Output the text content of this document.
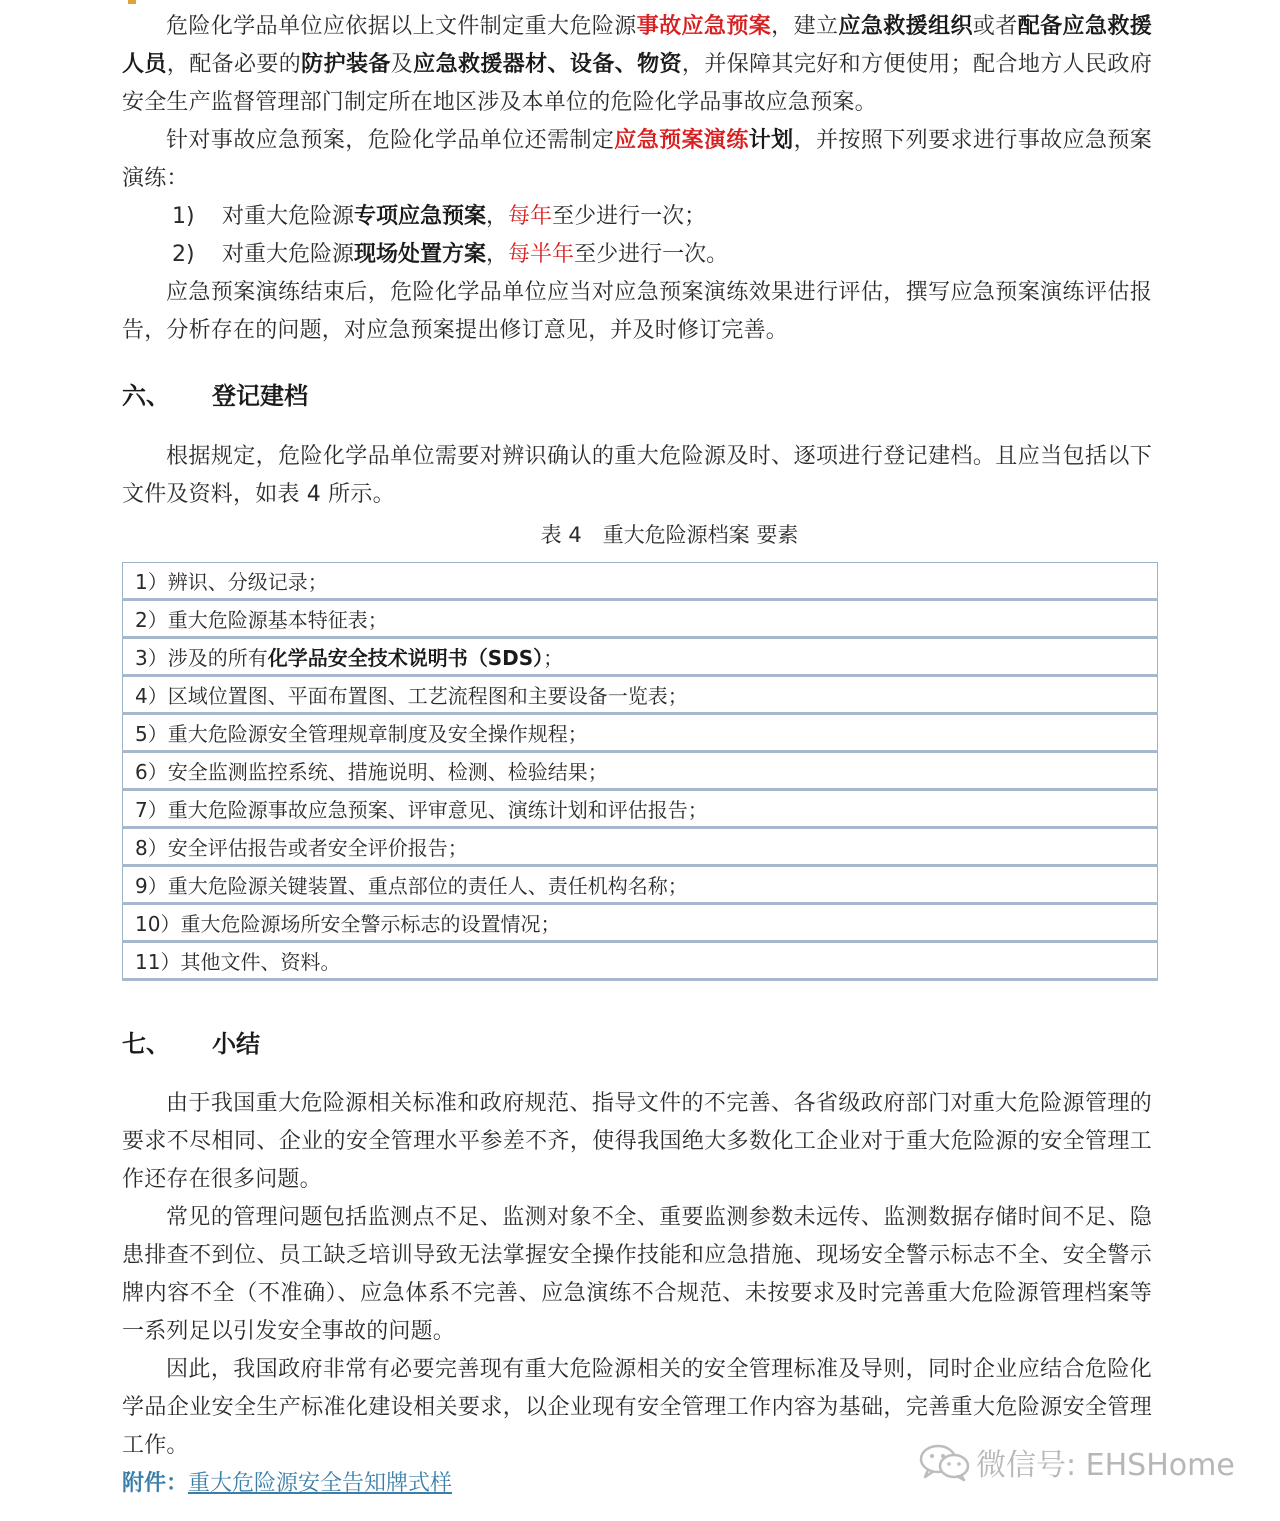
危险化学品单位应依据以上文件制定重大危险源事故应急预案，建立应急救援组织或者配备应急救援人员，配备必要的防护装备及应急救援器材、设备、物资，并保障其完好和方便使用；配合地方人民政府安全生产监督管理部门制定所在地区涉及本单位的危险化学品事故应急预案。
针对事故应急预案，危险化学品单位还需制定应急预案演练计划，并按照下列要求进行事故应急预案演练：
1) 对重大危险源专项应急预案，每年至少进行一次；
2) 对重大危险源现场处置方案，每半年至少进行一次。
应急预案演练结束后，危险化学品单位应当对应急预案演练效果进行评估，撰写应急预案演练评估报告，分析存在的问题，对应急预案提出修订意见，并及时修订完善。
六、 登记建档
根据规定，危险化学品单位需要对辨识确认的重大危险源及时、逐项进行登记建档。且应当包括以下文件及资料，如表 4 所示。
表 4　重大危险源档案 要素
七、 小结
由于我国重大危险源相关标准和政府规范、指导文件的不完善、各省级政府部门对重大危险源管理的要求不尽相同、企业的安全管理水平参差不齐，使得我国绝大多数化工企业对于重大危险源的安全管理工作还存在很多问题。
常见的管理问题包括监测点不足、监测对象不全、重要监测参数未远传、监测数据存储时间不足、隐患排查不到位、员工缺乏培训导致无法掌握安全操作技能和应急措施、现场安全警示标志不全、安全警示牌内容不全（不准确）、应急体系不完善、应急演练不合规范、未按要求及时完善重大危险源管理档案等一系列足以引发安全事故的问题。
因此，我国政府非常有必要完善现有重大危险源相关的安全管理标准及导则，同时企业应结合危险化学品企业安全生产标准化建设相关要求，以企业现有安全管理工作内容为基础，完善重大危险源安全管理工作。
1）辨识、分级记录；
2）重大危险源基本特征表；
3）涉及的所有化学品安全技术说明书（SDS）；
4）区域位置图、平面布置图、工艺流程图和主要设备一览表；
5）重大危险源安全管理规章制度及安全操作规程；
6）安全监测监控系统、措施说明、检测、检验结果；
7）重大危险源事故应急预案、评审意见、演练计划和评估报告；
8）安全评估报告或者安全评价报告；
9）重大危险源关键装置、重点部位的责任人、责任机构名称；
10）重大危险源场所安全警示标志的设置情况；
11）其他文件、资料。
附件：重大危险源安全告知牌式样
微信号: EHSHome
